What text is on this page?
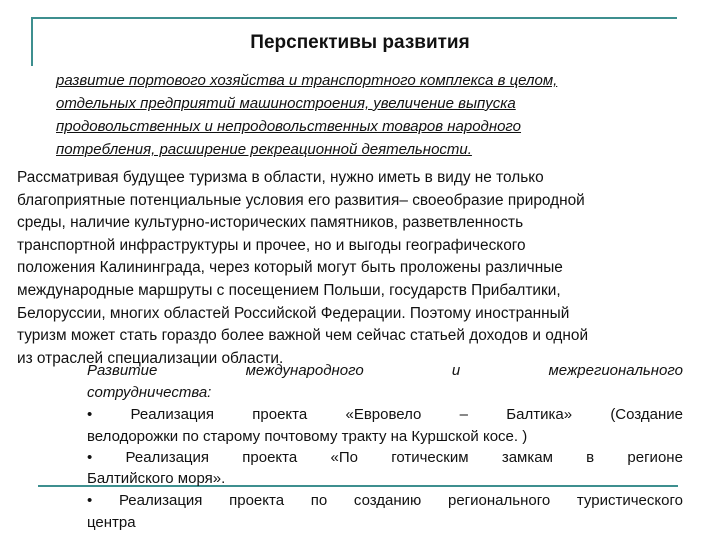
Перспективы развития
развитие портового хозяйства и транспортного комплекса в целом,
отдельных предприятий машиностроения, увеличение выпуска
продовольственных и непродовольственных товаров народного
потребления, расширение рекреационной деятельности.
Рассматривая будущее туризма в области, нужно иметь в виду не только
благоприятные потенциальные условия его развития– своеобразие природной
среды, наличие культурно-исторических памятников, разветвленность
транспортной инфраструктуры и прочее, но и выгоды географического
положения Калининграда, через который могут быть проложены различные
международные маршруты с посещением Польши, государств Прибалтики,
Белоруссии, многих областей Российской Федерации. Поэтому иностранный
туризм может стать гораздо более важной чем сейчас статьей доходов и одной
из отраслей специализации области.
Развитие	международного	и	межрегионального
сотрудничества:
•	Реализация	проекта	«Евровело	–	Балтика»	(Создание
велодорожки по старому почтовому тракту на Куршской косе. )
• Реализация проекта «По готическим замкам в регионе
Балтийского моря».
• Реализация проекта по созданию регионального туристического
центра
